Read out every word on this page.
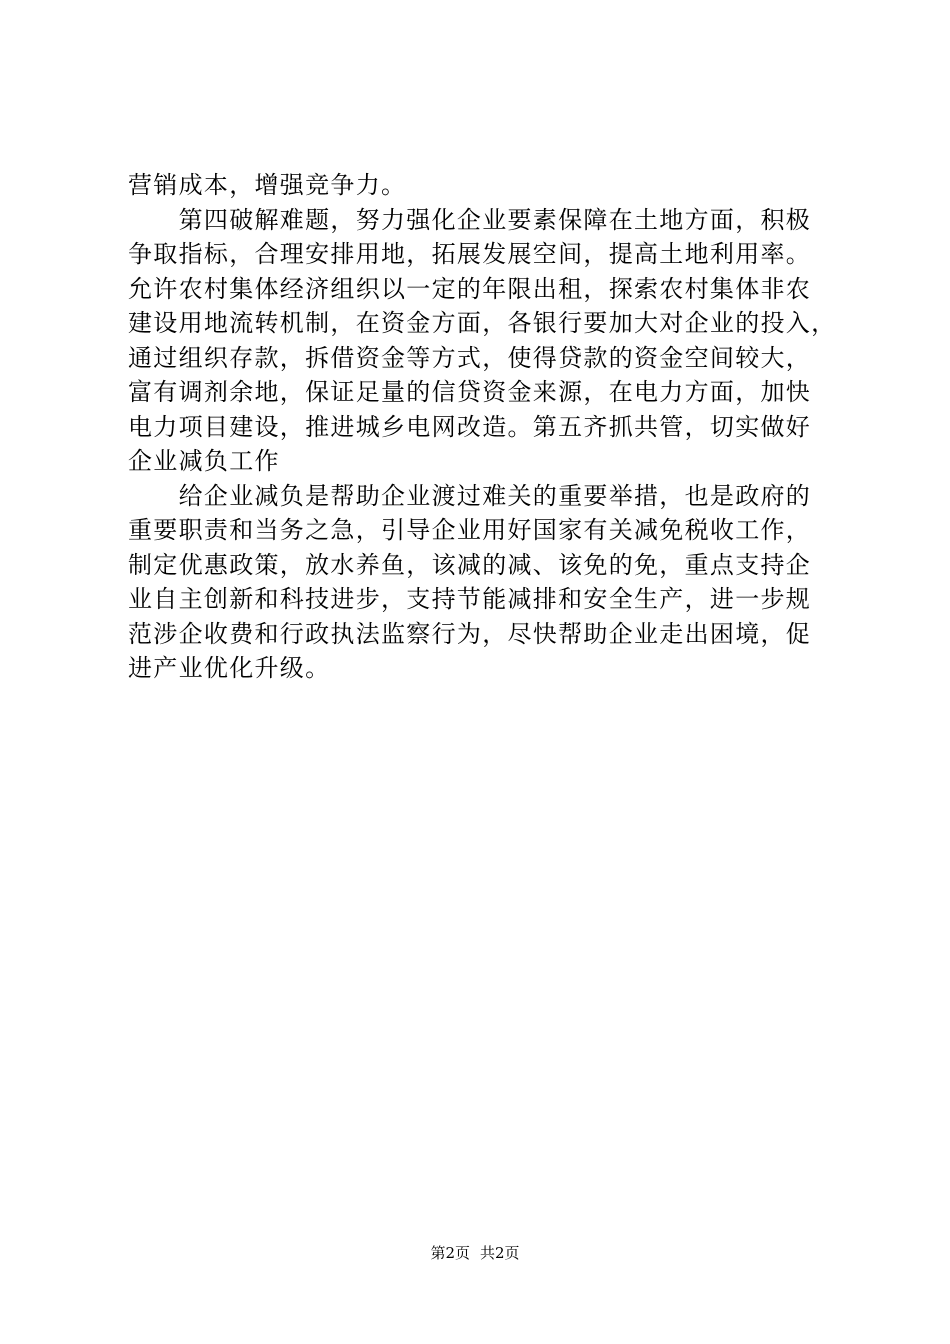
营销成本，增强竞争力。
　　第四破解难题，努力强化企业要素保障在土地方面，积极
争取指标，合理安排用地，拓展发展空间，提高土地利用率。
允许农村集体经济组织以一定的年限出租，探索农村集体非农
建设用地流转机制，在资金方面，各银行要加大对企业的投入，
通过组织存款，拆借资金等方式，使得贷款的资金空间较大，
富有调剂余地，保证足量的信贷资金来源，在电力方面，加快
电力项目建设，推进城乡电网改造。第五齐抓共管，切实做好
企业减负工作
　　给企业减负是帮助企业渡过难关的重要举措，也是政府的
重要职责和当务之急，引导企业用好国家有关减免税收工作，
制定优惠政策，放水养鱼，该减的减、该免的免，重点支持企
业自主创新和科技进步，支持节能减排和安全生产，进一步规
范涉企收费和行政执法监察行为，尽快帮助企业走出困境，促
进产业优化升级。
第2页 共2页
